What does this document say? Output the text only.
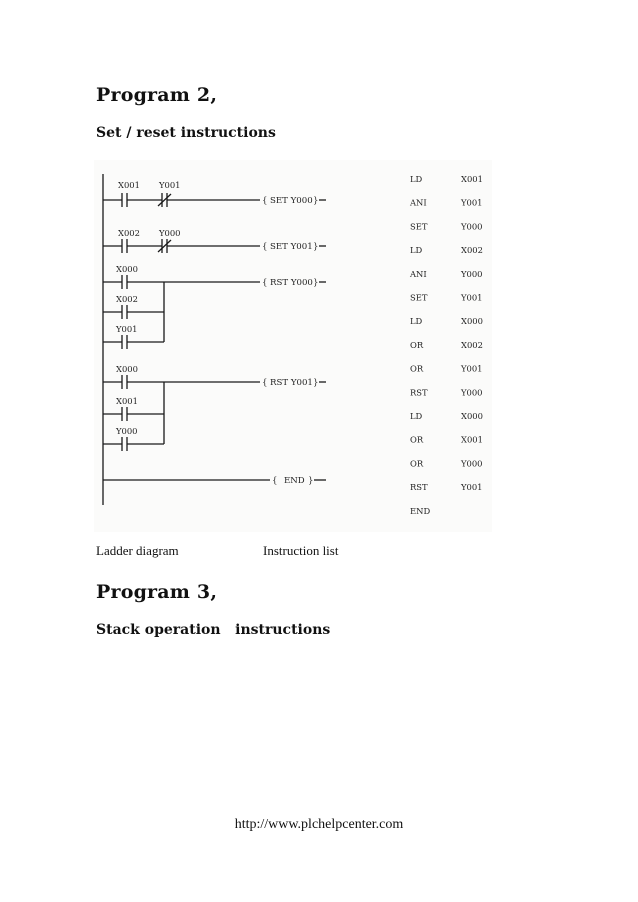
Program 2,
Set / reset instructions
X001 Y001
{ SET Y000 }
X002 Y000
{ SET Y001 }
X000
{ RST Y000 }
X002
Y001
X000
{ RST Y001 }
X001
Y000
{ END }
LD	X001
ANI	Y001
SET	Y000
LD	X002
ANI	Y000
SET	Y001
LD	X000
OR	X002
OR	Y001
RST	Y000
LD	X000
OR	X001
OR	Y000
RST	Y001
END
Ladder diagram	Instruction list
Program 3,
Stack operation   instructions
http://www.plchelpcenter.com
